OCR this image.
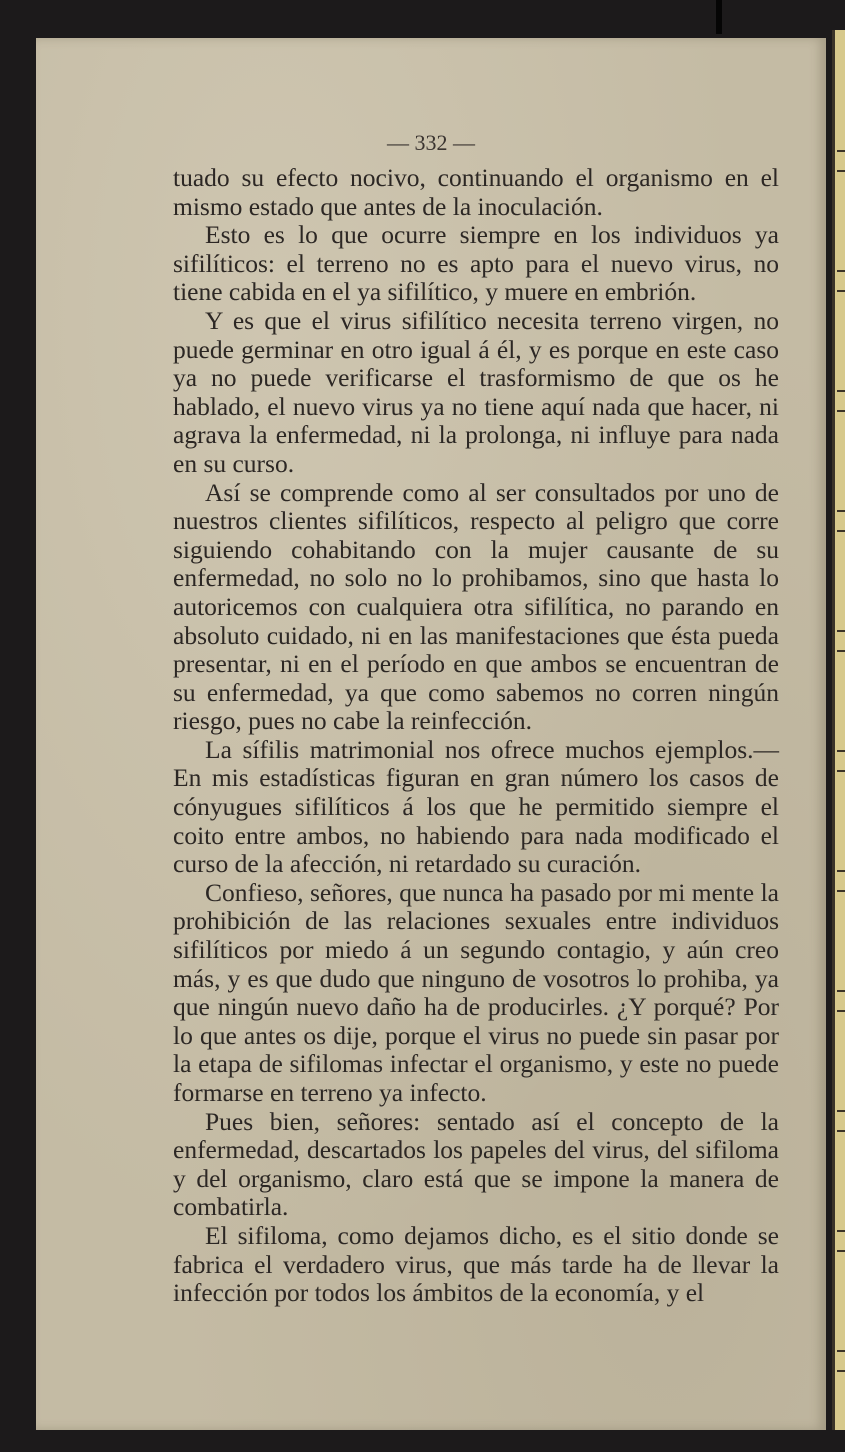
— 332 —

tuado su efecto nocivo, continuando el organismo en el mismo estado que antes de la inoculación.

Esto es lo que ocurre siempre en los individuos ya sifilíticos: el terreno no es apto para el nuevo virus, no tiene cabida en el ya sifilítico, y muere en embrión.

Y es que el virus sifilítico necesita terreno virgen, no puede germinar en otro igual á él, y es porque en este caso ya no puede verificarse el trasformismo de que os he hablado, el nuevo virus ya no tiene aquí nada que hacer, ni agrava la enfermedad, ni la prolonga, ni influye para nada en su curso.

Así se comprende como al ser consultados por uno de nuestros clientes sifilíticos, respecto al peligro que corre siguiendo cohabitando con la mujer causante de su enfermedad, no solo no lo prohibamos, sino que hasta lo autoricemos con cualquiera otra sifilítica, no parando en absoluto cuidado, ni en las manifestaciones que ésta pueda presentar, ni en el período en que ambos se encuentran de su enfermedad, ya que como sabemos no corren ningún riesgo, pues no cabe la reinfección.

La sífilis matrimonial nos ofrece muchos ejemplos.— En mis estadísticas figuran en gran número los casos de cónyugues sifilíticos á los que he permitido siempre el coito entre ambos, no habiendo para nada modificado el curso de la afección, ni retardado su curación.

Confieso, señores, que nunca ha pasado por mi mente la prohibición de las relaciones sexuales entre individuos sifilíticos por miedo á un segundo contagio, y aún creo más, y es que dudo que ninguno de vosotros lo prohiba, ya que ningún nuevo daño ha de producirles. ¿Y porqué? Por lo que antes os dije, porque el virus no puede sin pasar por la etapa de sifilomas infectar el organismo, y este no puede formarse en terreno ya infecto.

Pues bien, señores: sentado así el concepto de la enfermedad, descartados los papeles del virus, del sifiloma y del organismo, claro está que se impone la manera de combatirla.

El sifiloma, como dejamos dicho, es el sitio donde se fabrica el verdadero virus, que más tarde ha de llevar la infección por todos los ámbitos de la economía, y el
